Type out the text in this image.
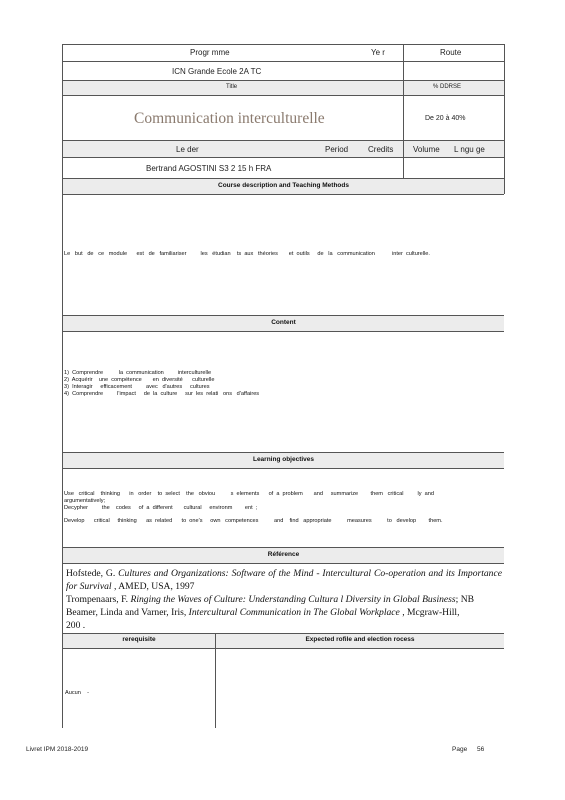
Progr mme	Ye r	Route
ICN Grande Ecole 2A TC
Title	% DDRSE
Communication interculturelle	De 20 à 40%
Le der	Period Credits Volume L ngu ge
Bertrand AGOSTINI S3 2 15 h FRA
Course description and Teaching Methods
Le   but   de   ce   module      est   de   familiariser         les   étudian    ts  aux   théories       et  outils     de   la   communication           inter  culturelle.
Content
1)  Comprendre          la  communication         interculturelle
2)  Acquérir    une  compétence       en  diversité      culturelle
3)  Interagir     efficacement         avec   d'autres     cultures
4)  Comprendre         l'impact     de  la  culture     sur  les  relati   ons   d'affaires
Learning objectives
Use   critical    thinking      in   order    to  select    the   obviou          s  elements      of  a  problem       and     summarize        them   critical         ly  and
argumentatively;
Decypher         the    codes     of  a  different       cultural     environm        ent  ;
Develop      critical     thinking      as  related      to  one's     own   competences          and    find   appropriate          measures          to   develop        them.
Référence
Hofstede, G. Cultures and Organizations: Software of the Mind - Intercultural Co-operation and its Importance for Survival , AMED, USA, 1997
Trompenaars, F. Ringing the Waves of Culture: Understanding Cultura l Diversity in Global Business; NB
Beamer, Linda and Varner, Iris, Intercultural Communication in The Global Workplace , Mcgraw-Hill,
200 .
rerequisite	Expected rofile and election rocess
Aucun    -
Livret IPM 2018-2019	Page 56
